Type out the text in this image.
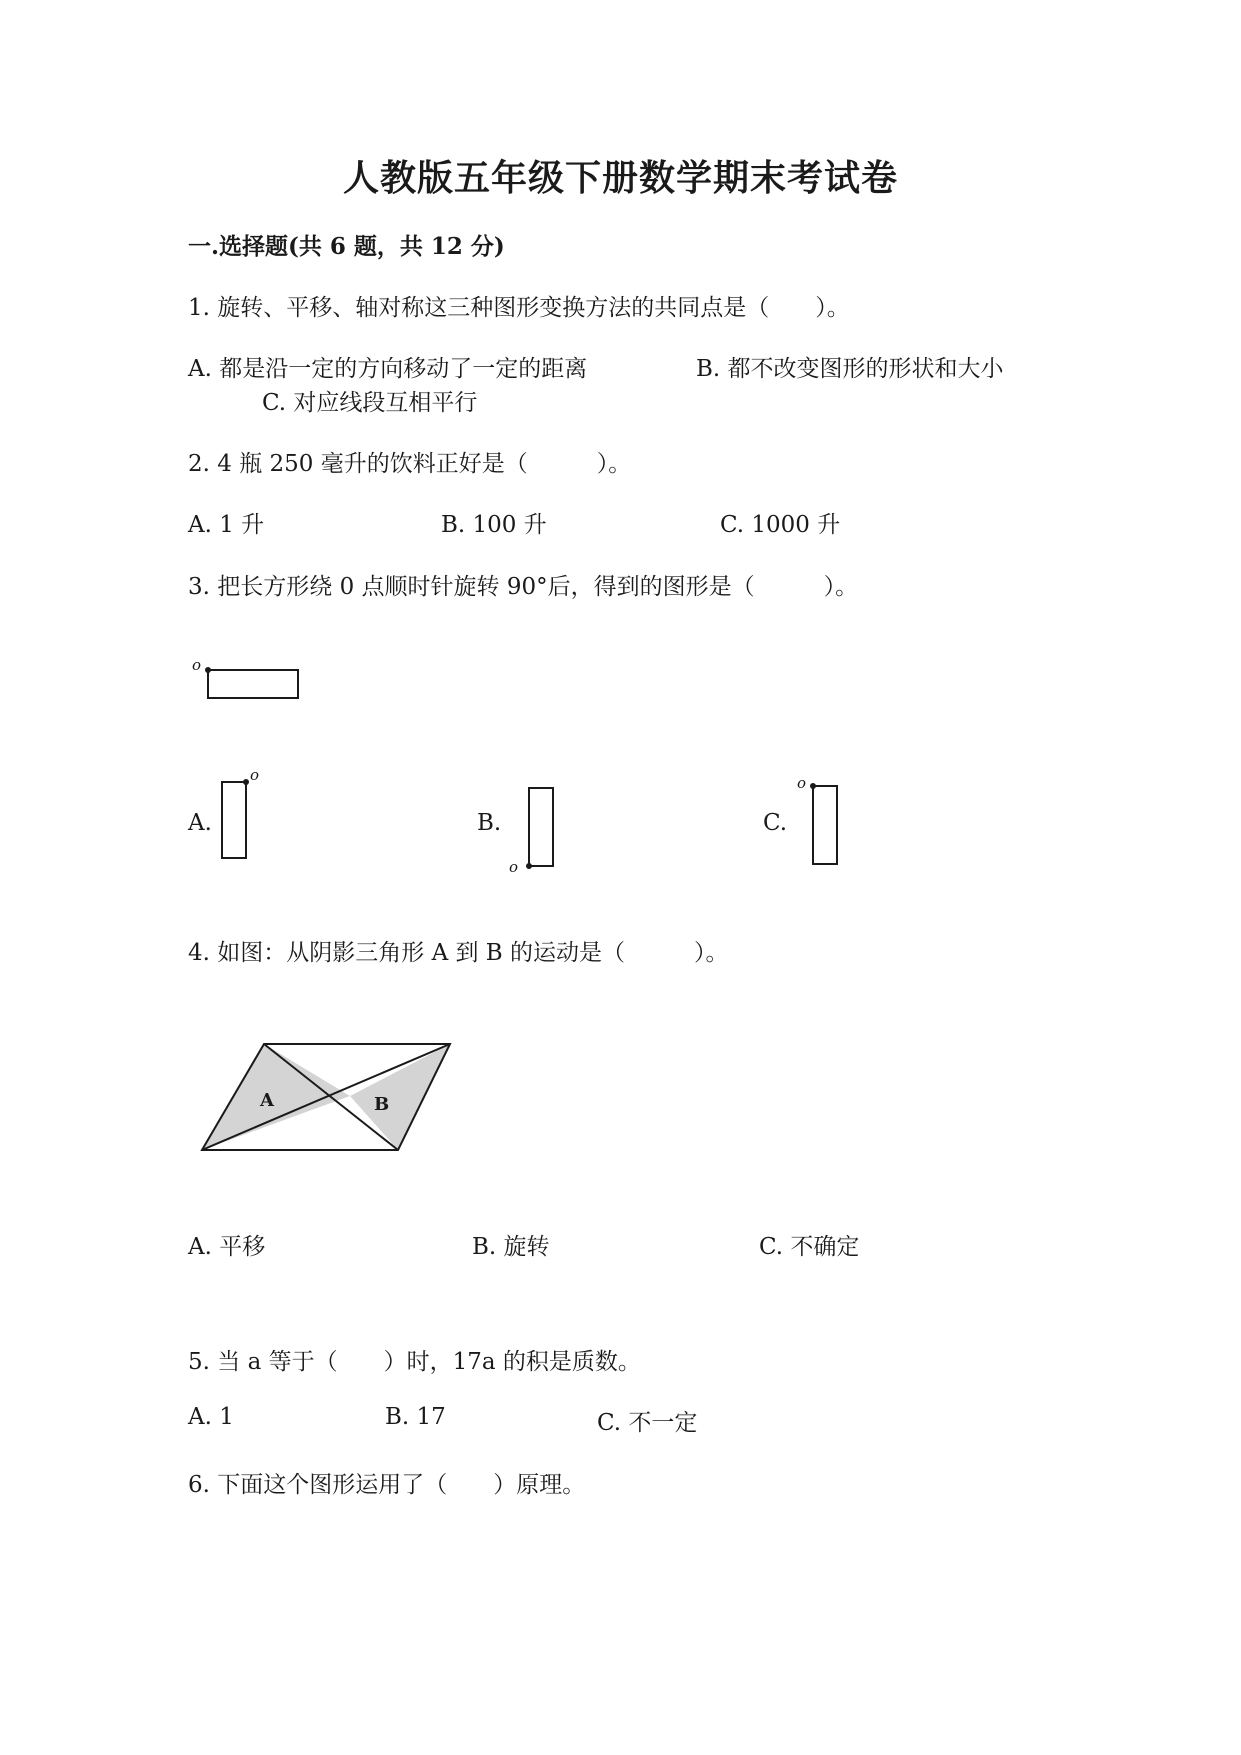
人教版五年级下册数学期末考试卷
一.选择题(共 6 题，共 12 分)
1. 旋转、平移、轴对称这三种图形变换方法的共同点是（　　）。
A. 都是沿一定的方向移动了一定的距离	B. 都不改变图形的形状和大小
C. 对应线段互相平行
2. 4 瓶 250 毫升的饮料正好是（　　　）。
A. 1 升	B. 100 升	C. 1000 升
3. 把长方形绕 0 点顺时针旋转 90°后，得到的图形是（　　　）。
o
A.
o
B.
o
C.
o
4. 如图：从阴影三角形 A 到 B 的运动是（　　　）。
A	B
A. 平移	B. 旋转	C. 不确定
5. 当 a 等于（　　）时，17a 的积是质数。
A. 1	B. 17	C. 不一定
6. 下面这个图形运用了（　　）原理。
